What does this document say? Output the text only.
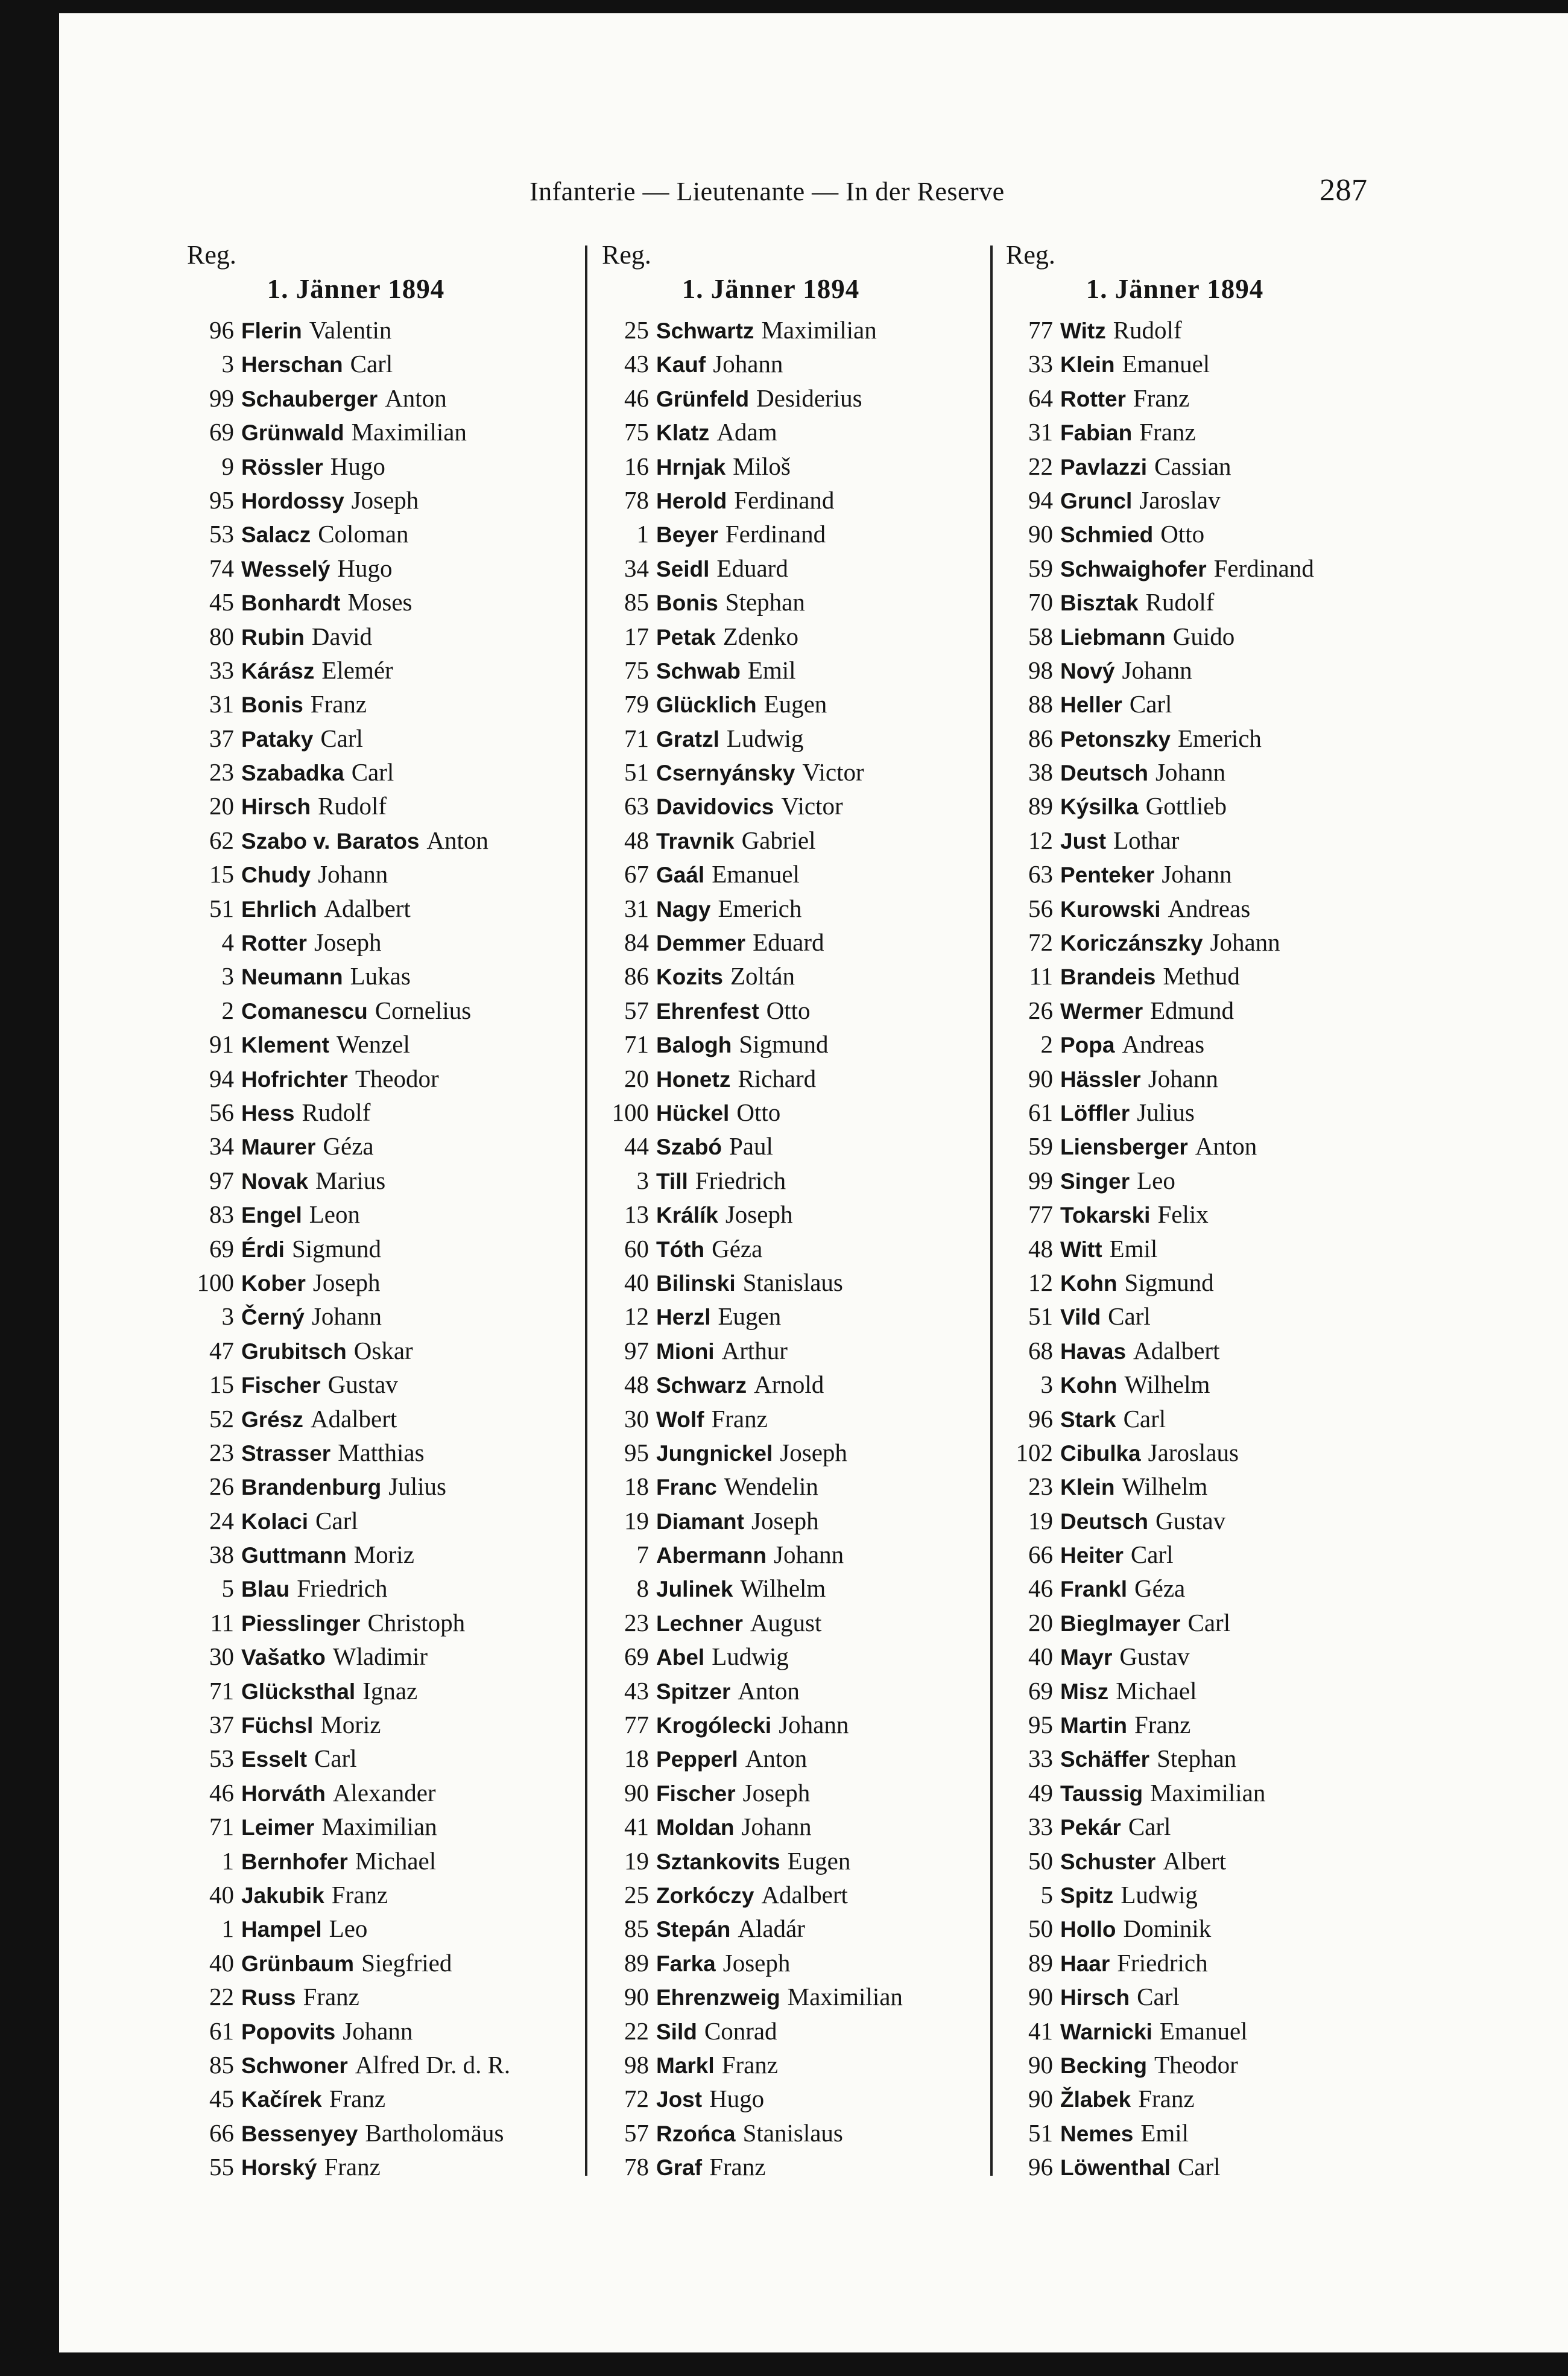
Infanterie — Lieutenante — In der Reserve	287
Reg.
1. Jänner 1894
96 Flerin Valentin
3 Herschan Carl
99 Schauberger Anton
69 Grünwald Maximilian
9 Rössler Hugo
95 Hordossy Joseph
53 Salacz Coloman
74 Wesselý Hugo
45 Bonhardt Moses
80 Rubin David
33 Kárász Elemér
31 Bonis Franz
37 Pataky Carl
23 Szabadka Carl
20 Hirsch Rudolf
62 Szabo v. Baratos Anton
15 Chudy Johann
51 Ehrlich Adalbert
4 Rotter Joseph
3 Neumann Lukas
2 Comanescu Cornelius
91 Klement Wenzel
94 Hofrichter Theodor
56 Hess Rudolf
34 Maurer Géza
97 Novak Marius
83 Engel Leon
69 Érdi Sigmund
100 Kober Joseph
3 Černý Johann
47 Grubitsch Oskar
15 Fischer Gustav
52 Grész Adalbert
23 Strasser Matthias
26 Brandenburg Julius
24 Kolaci Carl
38 Guttmann Moriz
5 Blau Friedrich
11 Piesslinger Christoph
30 Vašatko Wladimir
71 Glücksthal Ignaz
37 Füchsl Moriz
53 Esselt Carl
46 Horváth Alexander
71 Leimer Maximilian
1 Bernhofer Michael
40 Jakubik Franz
1 Hampel Leo
40 Grünbaum Siegfried
22 Russ Franz
61 Popovits Johann
85 Schwoner Alfred Dr. d. R.
45 Kačírek Franz
66 Bessenyey Bartholomäus
55 Horský Franz
Reg.
1. Jänner 1894
25 Schwartz Maximilian
43 Kauf Johann
46 Grünfeld Desiderius
75 Klatz Adam
16 Hrnjak Miloš
78 Herold Ferdinand
1 Beyer Ferdinand
34 Seidl Eduard
85 Bonis Stephan
17 Petak Zdenko
75 Schwab Emil
79 Glücklich Eugen
71 Gratzl Ludwig
51 Csernyánsky Victor
63 Davidovics Victor
48 Travnik Gabriel
67 Gaál Emanuel
31 Nagy Emerich
84 Demmer Eduard
86 Kozits Zoltán
57 Ehrenfest Otto
71 Balogh Sigmund
20 Honetz Richard
100 Hückel Otto
44 Szabó Paul
3 Till Friedrich
13 Králík Joseph
60 Tóth Géza
40 Bilinski Stanislaus
12 Herzl Eugen
97 Mioni Arthur
48 Schwarz Arnold
30 Wolf Franz
95 Jungnickel Joseph
18 Franc Wendelin
19 Diamant Joseph
7 Abermann Johann
8 Julinek Wilhelm
23 Lechner August
69 Abel Ludwig
43 Spitzer Anton
77 Krogólecki Johann
18 Pepperl Anton
90 Fischer Joseph
41 Moldan Johann
19 Sztankovits Eugen
25 Zorkóczy Adalbert
85 Stepán Aladár
89 Farka Joseph
90 Ehrenzweig Maximilian
22 Sild Conrad
98 Markl Franz
72 Jost Hugo
57 Rzońca Stanislaus
78 Graf Franz
Reg.
1. Jänner 1894
77 Witz Rudolf
33 Klein Emanuel
64 Rotter Franz
31 Fabian Franz
22 Pavlazzi Cassian
94 Gruncl Jaroslav
90 Schmied Otto
59 Schwaighofer Ferdinand
70 Bisztak Rudolf
58 Liebmann Guido
98 Nový Johann
88 Heller Carl
86 Petonszky Emerich
38 Deutsch Johann
89 Kýsilka Gottlieb
12 Just Lothar
63 Penteker Johann
56 Kurowski Andreas
72 Koriczánszky Johann
11 Brandeis Methud
26 Wermer Edmund
2 Popa Andreas
90 Hässler Johann
61 Löffler Julius
59 Liensberger Anton
99 Singer Leo
77 Tokarski Felix
48 Witt Emil
12 Kohn Sigmund
51 Vild Carl
68 Havas Adalbert
3 Kohn Wilhelm
96 Stark Carl
102 Cibulka Jaroslaus
23 Klein Wilhelm
19 Deutsch Gustav
66 Heiter Carl
46 Frankl Géza
20 Bieglmayer Carl
40 Mayr Gustav
69 Misz Michael
95 Martin Franz
33 Schäffer Stephan
49 Taussig Maximilian
33 Pekár Carl
50 Schuster Albert
5 Spitz Ludwig
50 Hollo Dominik
89 Haar Friedrich
90 Hirsch Carl
41 Warnicki Emanuel
90 Becking Theodor
90 Žlabek Franz
51 Nemes Emil
96 Löwenthal Carl
